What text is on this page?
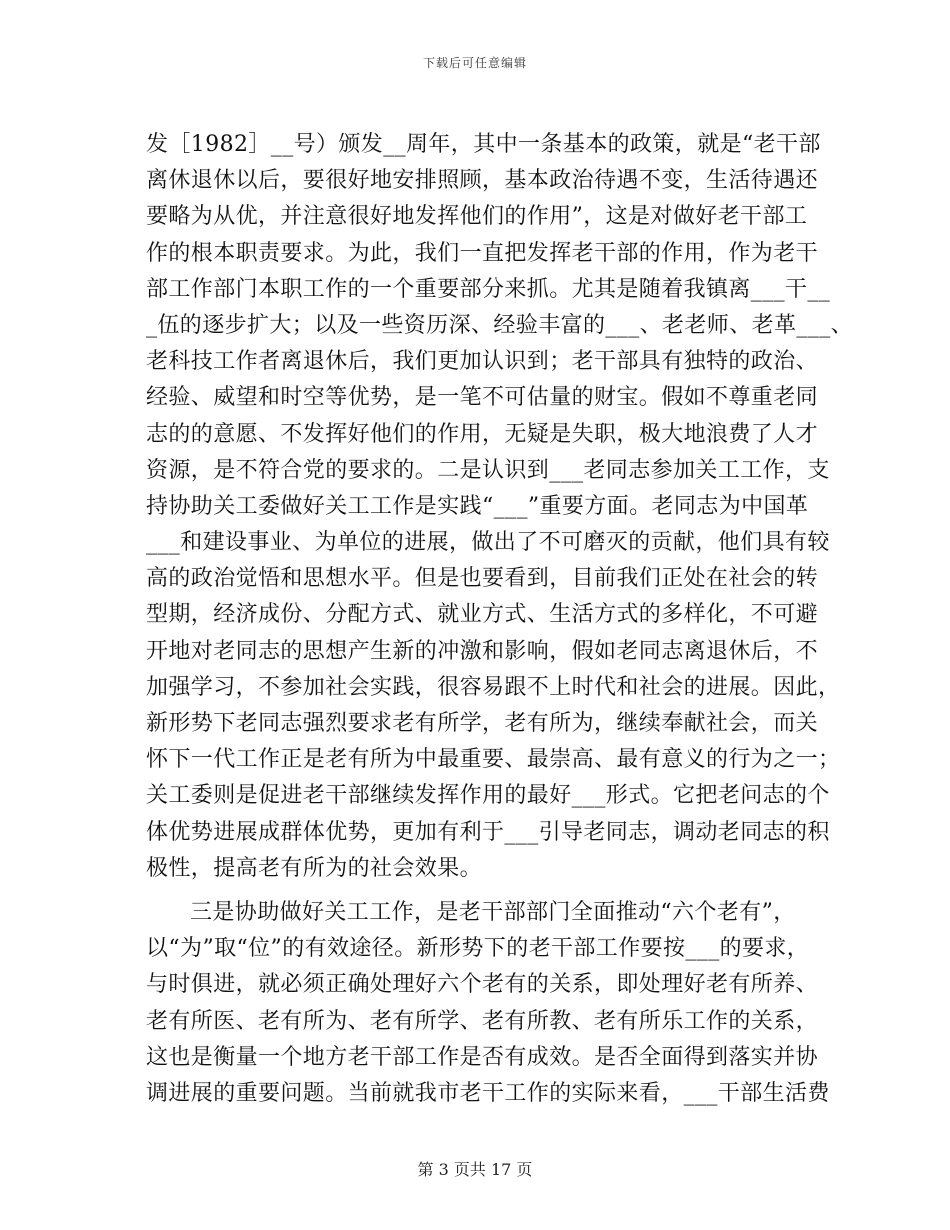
下载后可任意编辑
发［1982］__号）颁发__周年，其中一条基本的政策，就是“老干部
离休退休以后，要很好地安排照顾，基本政治待遇不变，生活待遇还
要略为从优，并注意很好地发挥他们的作用”，这是对做好老干部工
作的根本职责要求。为此，我们一直把发挥老干部的作用，作为老干
部工作部门本职工作的一个重要部分来抓。尤其是随着我镇离___干__
_伍的逐步扩大；以及一些资历深、经验丰富的___、老老师、老革___、
老科技工作者离退休后，我们更加认识到；老干部具有独特的政治、
经验、威望和时空等优势，是一笔不可估量的财宝。假如不尊重老同
志的的意愿、不发挥好他们的作用，无疑是失职，极大地浪费了人才
资源，是不符合党的要求的。二是认识到___老同志参加关工工作，支
持协助关工委做好关工工作是实践“___”重要方面。老同志为中国革
___和建设事业、为单位的进展，做出了不可磨灭的贡献，他们具有较
高的政治觉悟和思想水平。但是也要看到，目前我们正处在社会的转
型期，经济成份、分配方式、就业方式、生活方式的多样化，不可避
开地对老同志的思想产生新的冲激和影响，假如老同志离退休后，不
加强学习，不参加社会实践，很容易跟不上时代和社会的进展。因此，
新形势下老同志强烈要求老有所学，老有所为，继续奉献社会，而关
怀下一代工作正是老有所为中最重要、最崇高、最有意义的行为之一；
关工委则是促进老干部继续发挥作用的最好___形式。它把老问志的个
体优势进展成群体优势，更加有利于___引导老同志，调动老同志的积
极性，提高老有所为的社会效果。
三是协助做好关工工作，是老干部部门全面推动“六个老有”，
以“为”取“位”的有效途径。新形势下的老干部工作要按___的要求，
与时俱进，就必须正确处理好六个老有的关系，即处理好老有所养、
老有所医、老有所为、老有所学、老有所教、老有所乐工作的关系，
这也是衡量一个地方老干部工作是否有成效。是否全面得到落实并协
调进展的重要问题。当前就我市老干工作的实际来看，___干部生活费
第 3 页共 17 页
